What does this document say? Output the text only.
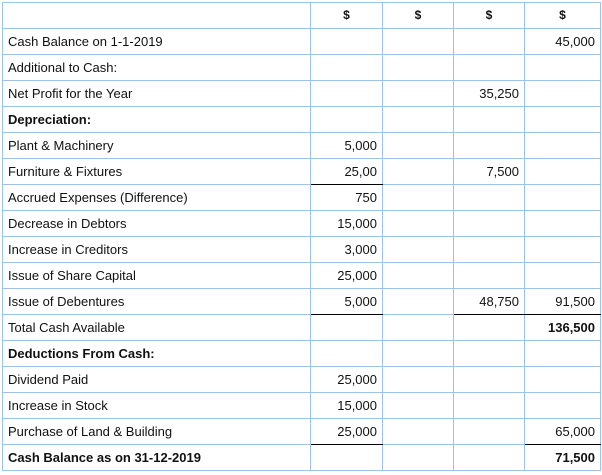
	$	$	$	$
Cash Balance on 1-1-2019				45,000
Additional to Cash:				
Net Profit for the Year			35,250	
Depreciation:				
Plant & Machinery	5,000			
Furniture & Fixtures	25,00		7,500	
Accrued Expenses (Difference)	750			
Decrease in Debtors	15,000			
Increase in Creditors	3,000			
Issue of Share Capital	25,000			
Issue of Debentures	5,000		48,750	91,500
Total Cash Available				136,500
Deductions From Cash:				
Dividend Paid	25,000			
Increase in Stock	15,000			
Purchase of Land & Building	25,000			65,000
Cash Balance as on 31-12-2019				71,500
